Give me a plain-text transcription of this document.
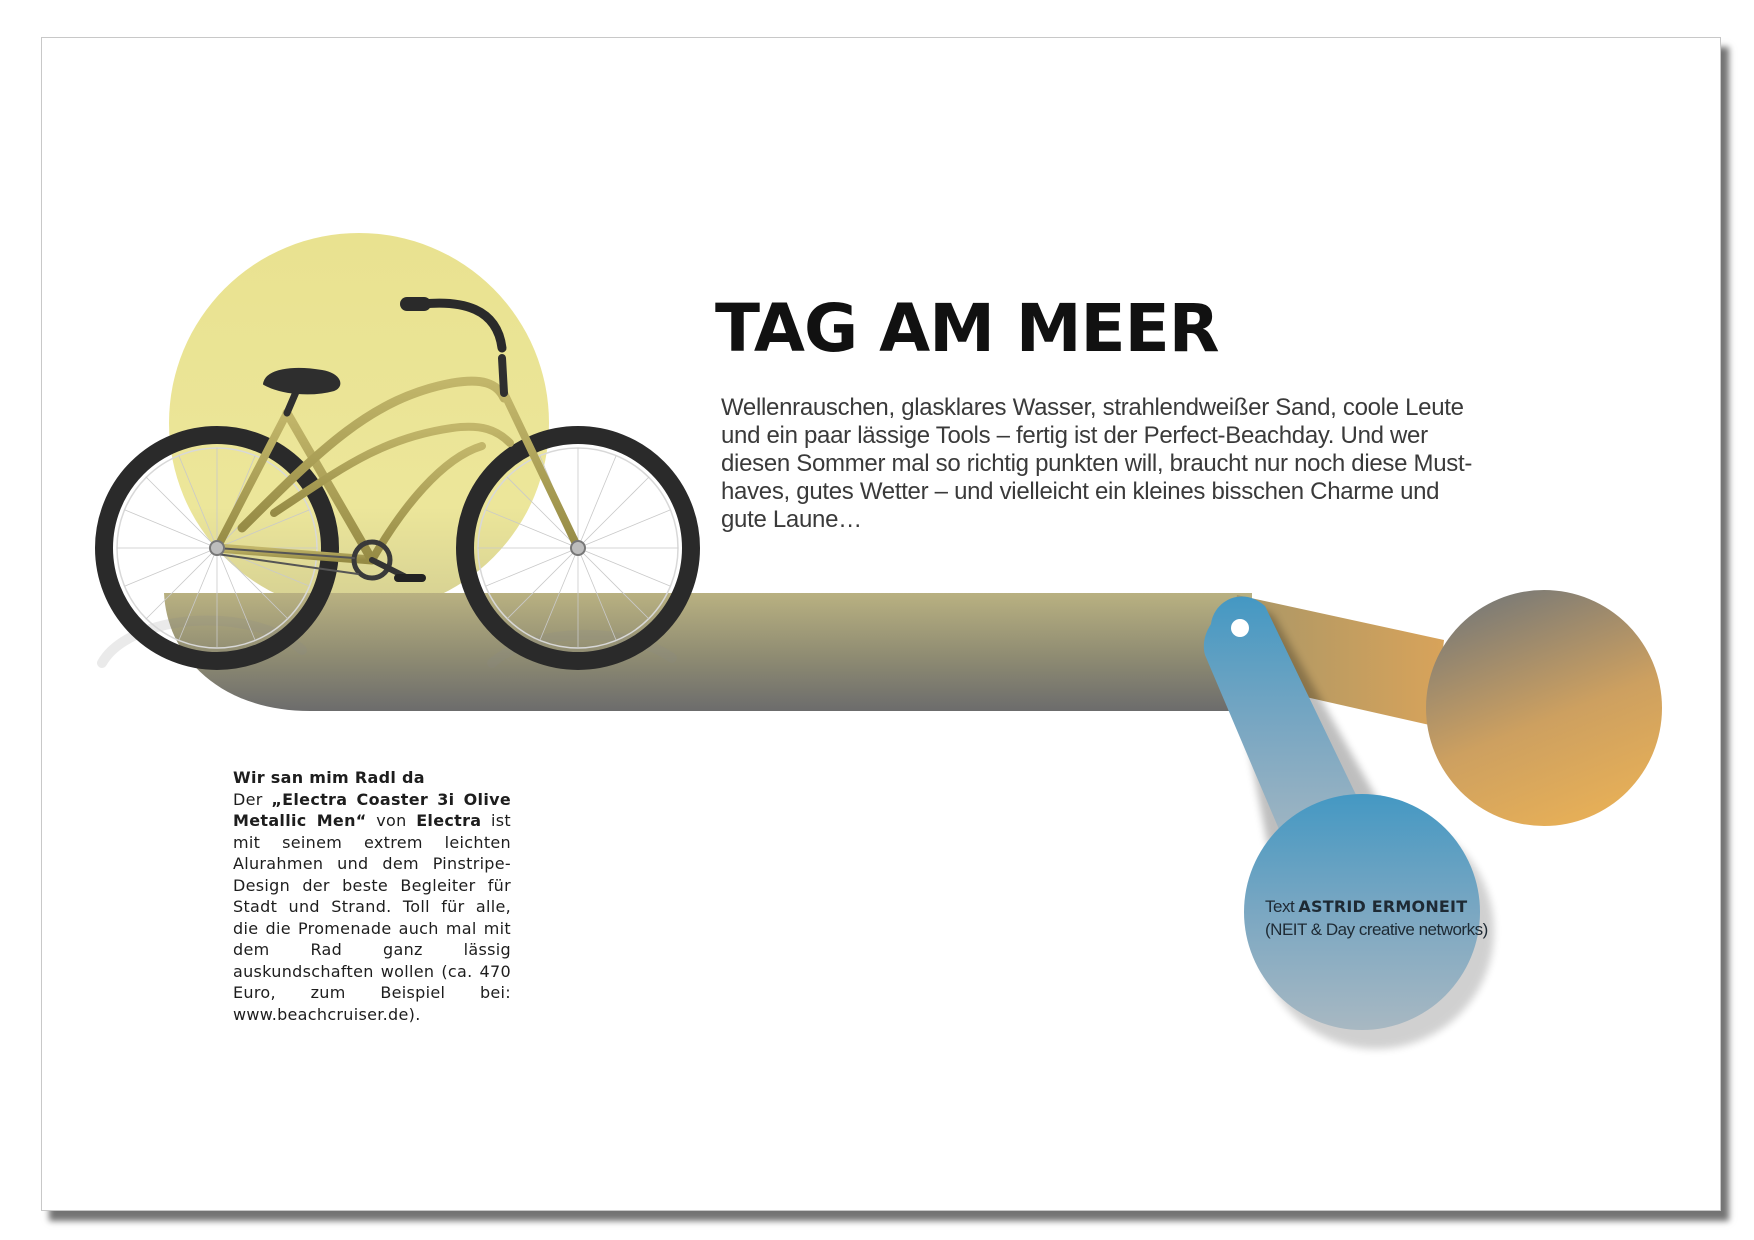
TAG AM MEER

Wellenrauschen, glasklares Wasser, strahlendweißer Sand, coole Leute und ein paar lässige Tools – fertig ist der Perfect-Beachday. Und wer diesen Sommer mal so richtig punkten will, braucht nur noch diese Must-haves, gutes Wetter – und vielleicht ein kleines bisschen Charme und gute Laune…

Wir san mim Radl da
Der „Electra Coaster 3i Olive Metallic Men“ von Electra ist mit seinem extrem leichten Alurahmen und dem Pinstripe-Design der beste Begleiter für Stadt und Strand. Toll für alle, die die Promenade auch mal mit dem Rad ganz lässig auskundschaften wollen (ca. 470 Euro, zum Beispiel bei: www.beachcruiser.de).
Text ASTRID ERMONEIT
(NEIT & Day creative networks)
